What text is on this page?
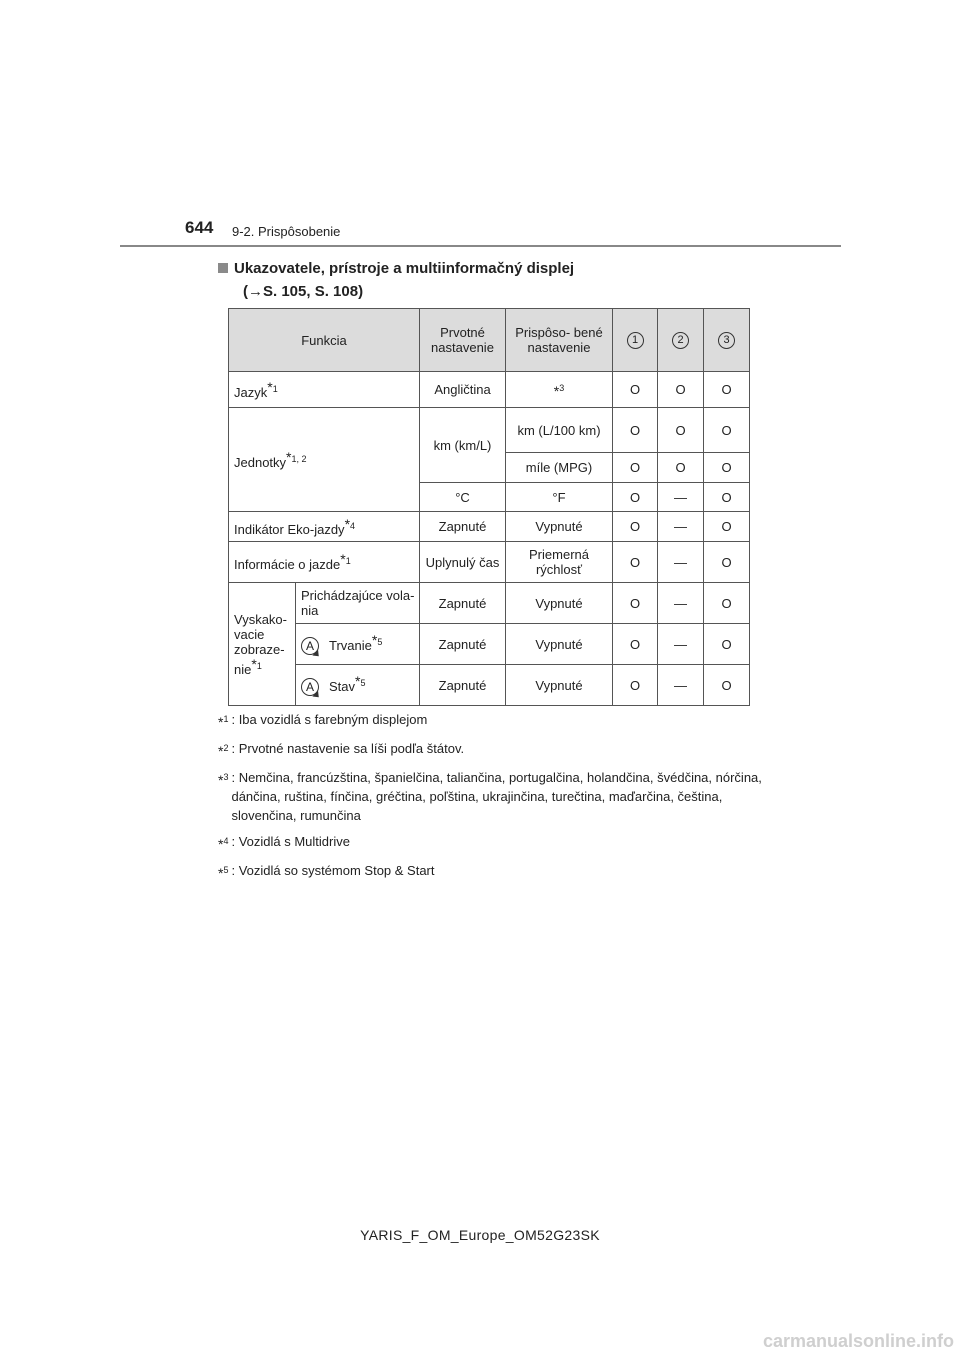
644 9-2. Prispôsobenie
Ukazovatele, prístroje a multiinformačný displej
(→S. 105, S. 108)
Funkcia		Prvotné nastavenie	Prispôso- bené nastavenie	1	2	3
Jazyk$^{*1}$		Angličtina	*$^3$	O	O	O
Jednotky$^{*1, 2}$		km (km/L)	km (L/100 km)	O	O	O
			míle (MPG)	O	O	O
		°C	°F	O	—	O
Indikátor Eko-jazdy$^{*4}$		Zapnuté	Vypnuté	O	—	O
Informácie o jazde$^{*1}$		Uplynulý čas	Priemerná rýchlosť	O	—	O
Vyskako- vacie zobraze- nie$^{*1}$	Prichádzajúce vola- nia	Zapnuté	Vypnuté	O	—	O
	A Trvanie$^{*5}$	Zapnuté	Vypnuté	O	—	O
	A Stav$^{*5}$	Zapnuté	Vypnuté	O	—	O
*$^1$ : Iba vozidlá s farebným displejom
*$^2$ : Prvotné nastavenie sa líši podľa štátov.
*$^3$ : Nemčina, francúzština, španielčina, taliančina, portugalčina, holandčina, švédčina, nórčina, dánčina, ruština, fínčina, gréčtina, poľština, ukrajinčina, turečtina, maďarčina, čeština, slovenčina, rumunčina
*$^4$ : Vozidlá s Multidrive
*$^5$ : Vozidlá so systémom Stop & Start
YARIS_F_OM_Europe_OM52G23SK
carmanualsonline.info
